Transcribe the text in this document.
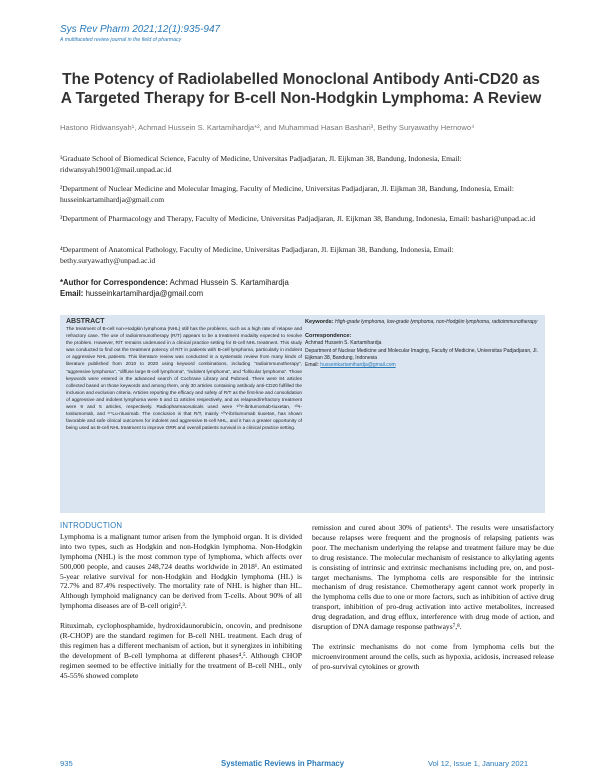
Sys Rev Pharm 2021;12(1):935-947
A multifaceted review journal in the field of pharmacy
The Potency of Radiolabelled Monoclonal Antibody Anti-CD20 as A Targeted Therapy for B-cell Non-Hodgkin Lymphoma: A Review
Hastono Ridwansyah¹, Achmad Hussein S. Kartamihardja*², and Muhammad Hasan Bashari³, Bethy Suryawathy Hernowo⁴
¹Graduate School of Biomedical Science, Faculty of Medicine, Universitas Padjadjaran, Jl. Eijkman 38, Bandung, Indonesia, Email: ridwansyah19001@mail.unpad.ac.id
²Department of Nuclear Medicine and Molecular Imaging, Faculty of Medicine, Universitas Padjadjaran, Jl. Eijkman 38, Bandung, Indonesia, Email: husseinkartamihardja@gmail.com
³Department of Pharmacology and Therapy, Faculty of Medicine, Universitas Padjadjaran, Jl. Eijkman 38, Bandung, Indonesia, Email: bashari@unpad.ac.id
⁴Department of Anatomical Pathology, Faculty of Medicine, Universitas Padjadjaran, Jl. Eijkman 38, Bandung, Indonesia, Email: bethy.suryawathy@unpad.ac.id
*Author for Correspondence: Achmad Hussein S. Kartamihardja
Email: husseinkartamihardja@gmail.com
ABSTRACT
The treatment of B-cell non-Hodgkin lymphoma (NHL) still has the problems, such as a high rate of relapse and refractory case. The use of radioimmunotherapy (R/T) appears to be a treatment modality expected to resolve the problem. However, R/T remains underused in a clinical practice setting for B-cell NHL treatment. This study was conducted to find out the treatment potency of R/T in patients with B-cell lymphoma, particularly in indolent or aggressive NHL patients. This literature review was conducted in a systematic review from many kinds of literature published from 2010 to 2020 using keyword combinations, including "radioimmunotherapy", "aggressive lymphoma", "diffuse large B-cell lymphoma", "indolent lymphoma", and "follicular lymphoma". Those keywords were entered in the advanced search of Cochrane Library and Pubmed. There were 84 articles collected based on those keywords and among them, only 30 articles containing antibody anti-CD20 fulfilled the inclusion and exclusion criteria. Articles reporting the efficacy and safety of R/T as the first-line and consolidation of aggressive and indolent lymphoma were 5 and 11 articles respectively, and as relapsed/refractory treatment were 9 and 5 articles, respectively. Radiopharmaceuticals used were ⁹⁰Y-ibritumomab-tiuxetan, ¹³¹I-tositumomab, and ¹⁷⁷Lu-rituximab. The conclusion is that R/T, mainly ⁹⁰Y-ibritumomab tiuxetan, has shown favorable and safe clinical outcomes for indolent and aggressive B-cell NHL, and it has a greater opportunity of being used as B-cell NHL treatment to improve ORR and overall patients survival in a clinical practice setting.
Keywords: High-grade lymphoma, low-grade lymphoma, non-Hodgkin lymphoma, radioimmunotherapy
Correspondence:
Achmad Hussein S. Kartamihardja
Department of Nuclear Medicine and Molecular Imaging, Faculty of Medicine, Universitas Padjadjaran, Jl. Eijkman 38, Bandung, Indonesia
Email: husseinkartamihardja@gmail.com
INTRODUCTION

Lymphoma is a malignant tumor arisen from the lymphoid organ. It is divided into two types, such as Hodgkin and non-Hodgkin lymphoma. Non-Hodgkin lymphoma (NHL) is the most common type of lymphoma, which affects over 500,000 people, and causes 248,724 deaths worldwide in 2018¹. An estimated 5-year relative survival for non-Hodgkin and Hodgkin lymphoma (HL) is 72.7% and 87.4% respectively. The mortality rate of NHL is higher than HL. Although lymphoid malignancy can be derived from T-cells. About 90% of all lymphoma diseases are of B-cell origin²,³.

Rituximab, cyclophosphamide, hydroxidaunorubicin, oncovin, and prednisone (R-CHOP) are the standard regimen for B-cell NHL treatment. Each drug of this regimen has a different mechanism of action, but it synergizes in inhibiting the development of B-cell lymphoma at different phases⁴,⁵. Although CHOP regimen seemed to be effective initially for the treatment of B-cell NHL, only 45-55% showed complete

remission and cured about 30% of patients⁶. The results were unsatisfactory because relapses were frequent and the prognosis of relapsing patients was poor. The mechanism underlying the relapse and treatment failure may be due to drug resistance. The molecular mechanism of resistance to alkylating agents is consisting of intrinsic and extrinsic mechanisms including pre, on, and post-target mechanisms. The lymphoma cells are responsible for the intrinsic mechanism of drug resistance. Chemotherapy agent cannot work properly in the lymphoma cells due to one or more factors, such as inhibition of active drug transport, inhibition of pro-drug activation into active metabolites, increased drug degradation, and drug efflux, interference with drug mode of action, and disruption of DNA damage response pathways⁷,⁸.

The extrinsic mechanisms do not come from lymphoma cells but the microenvironment around the cells, such as hypoxia, acidosis, increased release of pro-survival cytokines or growth

935	Systematic Reviews in Pharmacy	Vol 12, Issue 1, January 2021
